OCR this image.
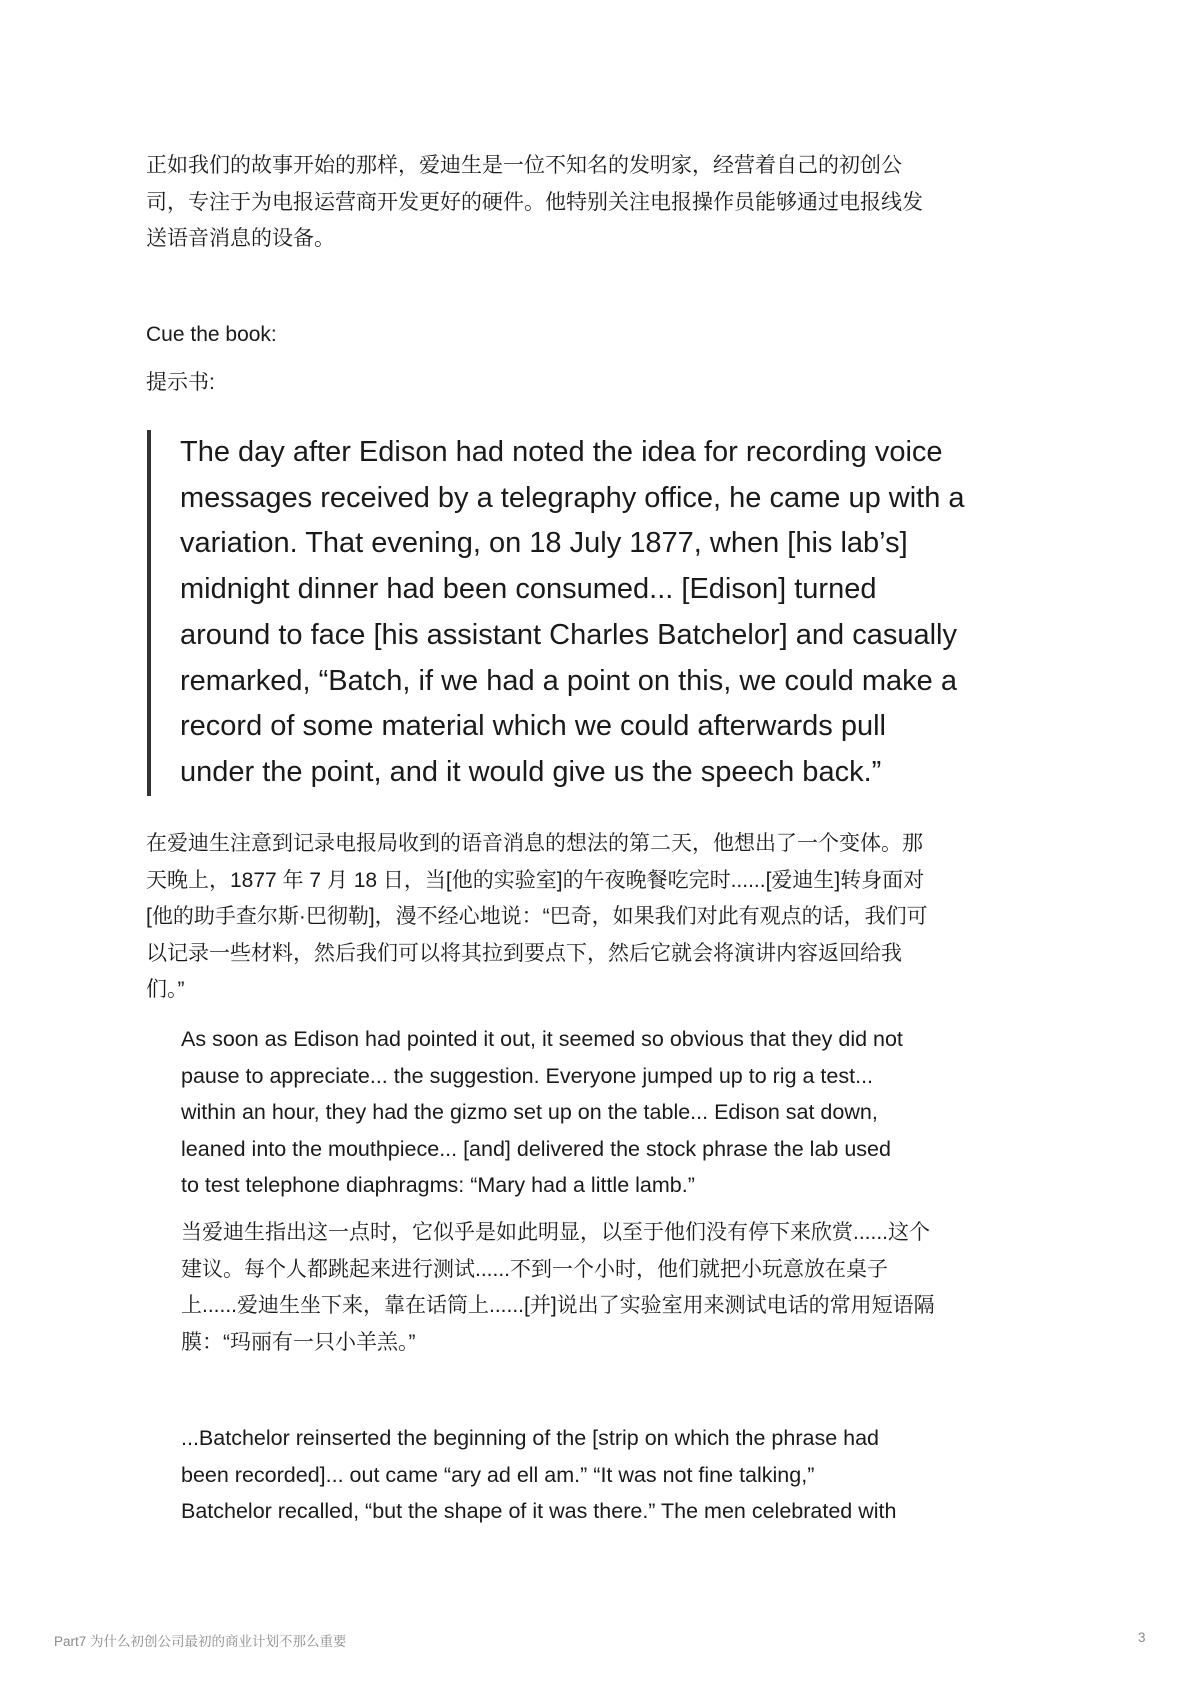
正如我们的故事开始的那样，爱迪生是一位不知名的发明家，经营着自己的初创公
司，专注于为电报运营商开发更好的硬件。他特别关注电报操作员能够通过电报线发
送语音消息的设备。
Cue the book:
提示书:
The day after Edison had noted the idea for recording voice
messages received by a telegraphy office, he came up with a
variation. That evening, on 18 July 1877, when [his lab’s]
midnight dinner had been consumed... [Edison] turned
around to face [his assistant Charles Batchelor] and casually
remarked, “Batch, if we had a point on this, we could make a
record of some material which we could afterwards pull
under the point, and it would give us the speech back.”
在爱迪生注意到记录电报局收到的语音消息的想法的第二天，他想出了一个变体。那
天晚上，1877 年 7 月 18 日，当[他的实验室]的午夜晚餐吃完时......[爱迪生]转身面对
[他的助手查尔斯·巴彻勒]，漫不经心地说：“巴奇，如果我们对此有观点的话，我们可
以记录一些材料，然后我们可以将其拉到要点下，然后它就会将演讲内容返回给我
们。”
As soon as Edison had pointed it out, it seemed so obvious that they did not
pause to appreciate... the suggestion. Everyone jumped up to rig a test...
within an hour, they had the gizmo set up on the table... Edison sat down,
leaned into the mouthpiece... [and] delivered the stock phrase the lab used
to test telephone diaphragms: “Mary had a little lamb.”
当爱迪生指出这一点时，它似乎是如此明显，以至于他们没有停下来欣赏......这个
建议。每个人都跳起来进行测试......不到一个小时，他们就把小玩意放在桌子
上......爱迪生坐下来，靠在话筒上......[并]说出了实验室用来测试电话的常用短语隔
膜：“玛丽有一只小羊羔。”
...Batchelor reinserted the beginning of the [strip on which the phrase had
been recorded]... out came “ary ad ell am.” “It was not fine talking,”
Batchelor recalled, “but the shape of it was there.” The men celebrated with
Part7 为什么初创公司最初的商业计划不那么重要	3
